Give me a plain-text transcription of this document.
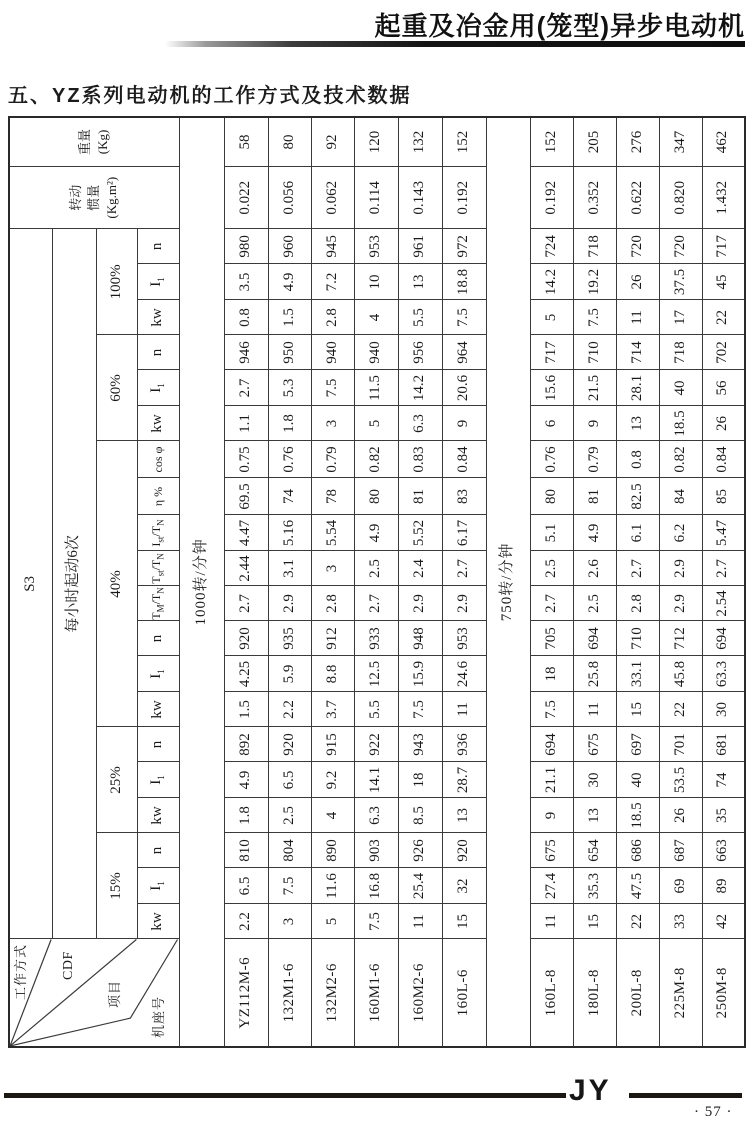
起重及冶金用(笼型)异步电动机
五、YZ系列电动机的工作方式及技术数据
工作方式 CDF
项目
机座号	S3																				转动 惯量 (Kg.m²)	重量 (Kg)

	每小时起动6次																					
	15%			25%			40%								60%			100%				
	kw	$I_1$	n	kw	$I_1$	n	kw	$I_1$	n	$T_M/T_N$	$T_{st}/T_N$	$I_{st}/T_N$	η %	cos φ	kw	$I_1$	n	kw	$I_1$	n		
1000转/分钟																						
YZ112M-6	2.2	6.5	810	1.8	4.9	892	1.5	4.25	920	2.7	2.44	4.47	69.5	0.75	1.1	2.7	946	0.8	3.5	980	0.022	58
132M1-6	3	7.5	804	2.5	6.5	920	2.2	5.9	935	2.9	3.1	5.16	74	0.76	1.8	5.3	950	1.5	4.9	960	0.056	80
132M2-6	5	11.6	890	4	9.2	915	3.7	8.8	912	2.8	3	5.54	78	0.79	3	7.5	940	2.8	7.2	945	0.062	92
160M1-6	7.5	16.8	903	6.3	14.1	922	5.5	12.5	933	2.7	2.5	4.9	80	0.82	5	11.5	940	4	10	953	0.114	120
160M2-6	11	25.4	926	8.5	18	943	7.5	15.9	948	2.9	2.4	5.52	81	0.83	6.3	14.2	956	5.5	13	961	0.143	132
160L-6	15	32	920	13	28.7	936	11	24.6	953	2.9	2.7	6.17	83	0.84	9	20.6	964	7.5	18.8	972	0.192	152
750转/分钟																						
160L-8	11	27.4	675	9	21.1	694	7.5	18	705	2.7	2.5	5.1	80	0.76	6	15.6	717	5	14.2	724	0.192	152
180L-8	15	35.3	654	13	30	675	11	25.8	694	2.5	2.6	4.9	81	0.79	9	21.5	710	7.5	19.2	718	0.352	205
200L-8	22	47.5	686	18.5	40	697	15	33.1	710	2.8	2.7	6.1	82.5	0.8	13	28.1	714	11	26	720	0.622	276
225M-8	33	69	687	26	53.5	701	22	45.8	712	2.9	2.9	6.2	84	0.82	18.5	40	718	17	37.5	720	0.820	347
250M-8	42	89	663	35	74	681	30	63.3	694	2.54	2.7	5.47	85	0.84	26	56	702	22	45	717	1.432	462
JY
· 57 ·
